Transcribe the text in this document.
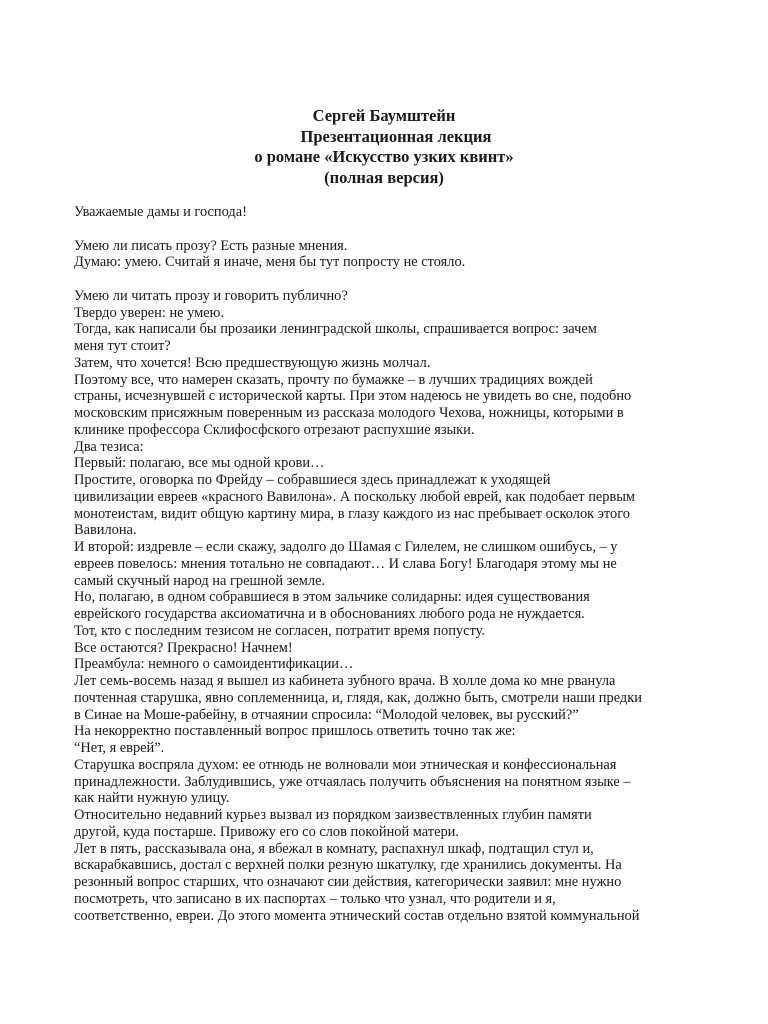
Сергей Баумштейн
Презентационная лекция
о романе «Искусство узких квинт»
(полная версия)
Уважаемые дамы и господа!
Умею ли писать прозу? Есть разные мнения.
Думаю: умею. Считай я иначе, меня бы тут попросту не стояло.
Умею ли читать прозу и говорить публично?
Твердо уверен: не умею.
Тогда, как написали бы прозаики ленинградской школы, спрашивается вопрос: зачем
меня тут стоит?
Затем, что хочется! Всю предшествующую жизнь молчал.
Поэтому все, что намерен сказать, прочту по бумажке – в лучших традициях вождей
страны, исчезнувшей с исторической карты. При этом надеюсь не увидеть во сне, подобно
московским присяжным поверенным из рассказа молодого Чехова, ножницы, которыми в
клинике профессора Склифосфского отрезают распухшие языки.
Два тезиса:
Первый: полагаю, все мы одной крови…
Простите, оговорка по Фрейду – собравшиеся здесь принадлежат к уходящей
цивилизации евреев «красного Вавилона». А поскольку любой еврей, как подобает первым
монотеистам, видит общую картину мира, в глазу каждого из нас пребывает осколок этого
Вавилона.
И второй: издревле – если скажу, задолго до Шамая с Гилелем, не слишком ошибусь, – у
евреев повелось: мнения тотально не совпадают… И слава Богу! Благодаря этому мы не
самый скучный народ на грешной земле.
Но, полагаю, в одном собравшиеся в этом зальчике солидарны: идея существования
еврейского государства аксиоматична и в обоснованиях любого рода не нуждается.
Тот, кто с последним тезисом не согласен, потратит время попусту.
Все остаются? Прекрасно! Начнем!
Преамбула: немного о самоидентификации…
Лет семь-восемь назад я вышел из кабинета зубного врача. В холле дома ко мне рванула
почтенная старушка, явно соплеменница, и, глядя, как, должно быть, смотрели наши предки
в Синае на Моше-рабейну, в отчаянии спросила: “Молодой человек, вы русский?”
На некорректно поставленный вопрос пришлось ответить точно так же:
“Нет, я еврей”.
Старушка воспряла духом: ее отнюдь не волновали мои этническая и конфессиональная
принадлежности. Заблудившись, уже отчаялась получить объяснения на понятном языке –
как найти нужную улицу.
Относительно недавний курьез вызвал из порядком заизвествленных глубин памяти
другой, куда постарше. Привожу его со слов покойной матери.
Лет в пять, рассказывала она, я вбежал в комнату, распахнул шкаф, подтащил стул и,
вскарабкавшись, достал с верхней полки резную шкатулку, где хранились документы. На
резонный вопрос старших, что означают сии действия, категорически заявил: мне нужно
посмотреть, что записано в их паспортах – только что узнал, что родители и я,
соответственно, евреи. До этого момента этнический состав отдельно взятой коммунальной
